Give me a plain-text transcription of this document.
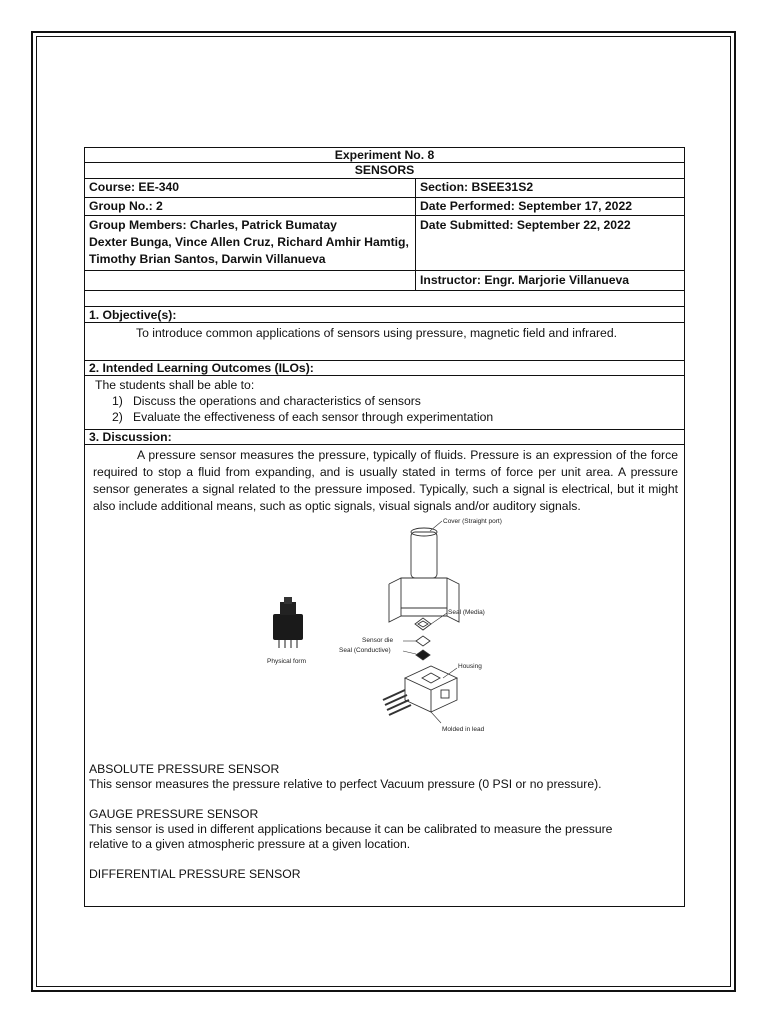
Experiment No. 8
SENSORS
Course: EE-340	Section: BSEE31S2
Group No.: 2	Date Performed: September 17, 2022
Group Members: Charles, Patrick Bumatay
Dexter Bunga, Vince Allen Cruz, Richard Amhir Hamtig,
Timothy Brian Santos, Darwin Villanueva
Date Submitted: September 22, 2022
Instructor: Engr. Marjorie Villanueva
1. Objective(s):
To introduce common applications of sensors using pressure, magnetic field and infrared.
2. Intended Learning Outcomes (ILOs):
The students shall be able to:
1)   Discuss the operations and characteristics of sensors
2)   Evaluate the effectiveness of each sensor through experimentation
3. Discussion:
A pressure sensor measures the pressure, typically of fluids. Pressure is an expression of the force required to stop a fluid from expanding, and is usually stated in terms of force per unit area. A pressure sensor generates a signal related to the pressure imposed. Typically, such a signal is electrical, but it might also include additional means, such as optic signals, visual signals and/or auditory signals.
Physical form
Cover (Straight port)
Seal (Media)
Sensor die
Seal (Conductive)
Housing
Molded in lead
ABSOLUTE PRESSURE SENSOR
This sensor measures the pressure relative to perfect Vacuum pressure (0 PSI or no pressure).
GAUGE PRESSURE SENSOR
This sensor is used in different applications because it can be calibrated to measure the pressure relative to a given atmospheric pressure at a given location.
DIFFERENTIAL PRESSURE SENSOR
